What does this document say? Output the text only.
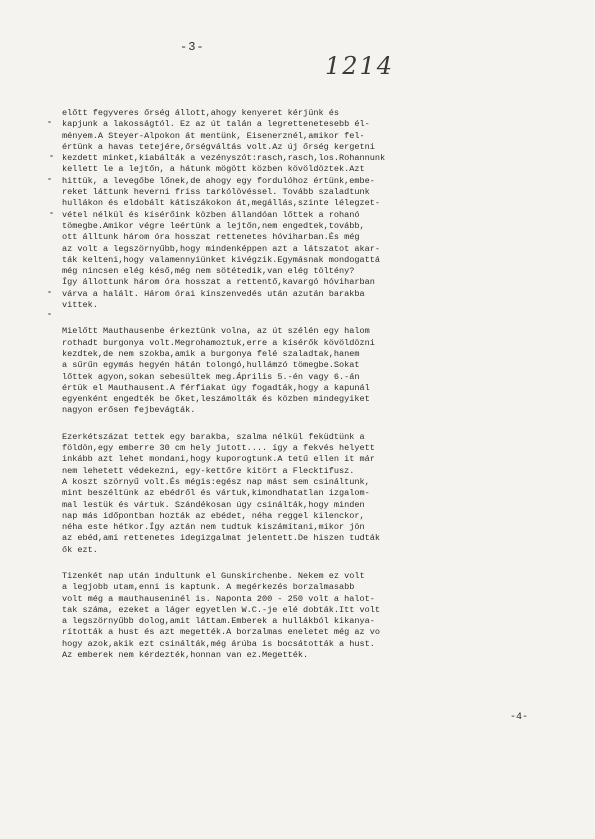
-3-
1214
előtt fegyveres őrség állott,ahogy kenyeret kérjünk és
kapjunk a lakosságtól. Ez az út talán a legrettenetesebb él-
ményem.A Steyer-Alpokon át mentünk, Eisenerznél,amikor fel-
értünk a havas tetejére,őrségváltás volt.Az új őrség kergetni
kezdett minket,kiabálták a vezényszót:rasch,rasch,los.Rohannunk
kellett le a lejtőn, a hátunk mögött közben kövöldöztek.Azt
hittük, a levegőbe lőnek,de ahogy egy fordulóhoz értünk,embe-
reket láttunk heverni friss tarkólövéssel. Tovább szaladtunk
hullákon és eldobált kátiszákokon át,megállás,szinte lélegzet-
vétel nélkül és kísérőink közben állandóan lőttek a rohanó
tömegbe.Amikor végre leértünk a lejtőn,nem engedtek,tovább,
ott álltunk három óra hosszat rettenetes hóviharban.És még
az volt a legszörnyűbb,hogy mindenképpen azt a látszatot akar-
ták kelteni,hogy valamennyiünket kivégzik.Egymásnak mondogattá
még nincsen elég késő,még nem sötétedik,van elég töltény?
Így állottunk három óra hosszat a rettentő,kavargó hóviharban
várva a halált. Három órai kínszenvedés után azután barakba
vittek.
Mielőtt Mauthausenbe érkeztünk volna, az út szélén egy halom
rothadt burgonya volt.Megrohamoztuk,erre a kísérők kövöldözni
kezdtek,de nem szokba,amik a burgonya felé szaladtak,hanem
a sűrűn egymás hegyén hátán tolongó,hullámzó tömegbe.Sokat
lőttek agyon,sokan sebesültek meg.Április 5.-én vagy 6.-án
értük el Mauthausent.A férfiakat úgy fogadták,hogy a kapunál
egyenként engedték be őket,leszámolták és közben mindegyiket
nagyon erősen fejbevágták.
Ezerkétszázat tettek egy barakba, szalma nélkül feküdtünk a
földön,egy emberre 30 cm hely jutott.... így a fekvés helyett
inkább azt lehet mondani,hogy kuporogtunk.A tetű ellen it már
nem lehetett védekezni, egy-kettőre kitört a Flecktifusz.
A koszt szörnyű volt.És mégis:egész nap mást sem csináltunk,
mint beszéltünk az ebédről és vártuk,kimondhatatlan izgalom-
mal lestük és vártuk. Szándékosan úgy csinálták,hogy minden
nap más időpontban hozták az ebédet, néha reggel kilenckor,
néha este hétkor.Így aztán nem tudtuk kiszámítani,mikor jön
az ebéd,ami rettenetes idegizgalmat jelentett.De hiszen tudták
ők ezt.
Tizenkét nap után indultunk el Gunskirchenbe. Nekem ez volt
a legjobb utam,enni is kaptunk. A megérkezés borzalmasabb
volt még a mauthauseninél is. Naponta 200 - 250 volt a halot-
tak száma, ezeket a láger egyetlen W.C.-je elé dobták.Itt volt
a legszörnyűbb dolog,amit láttam.Emberek a hullákból kikanya-
rították a hust és azt megették.A borzalmas eneletet még az vo
hogy azok,akik ezt csinálták,még árúba is bocsátották a hust.
Az emberek nem kérdezték,honnan van ez.Megették.
-4-
